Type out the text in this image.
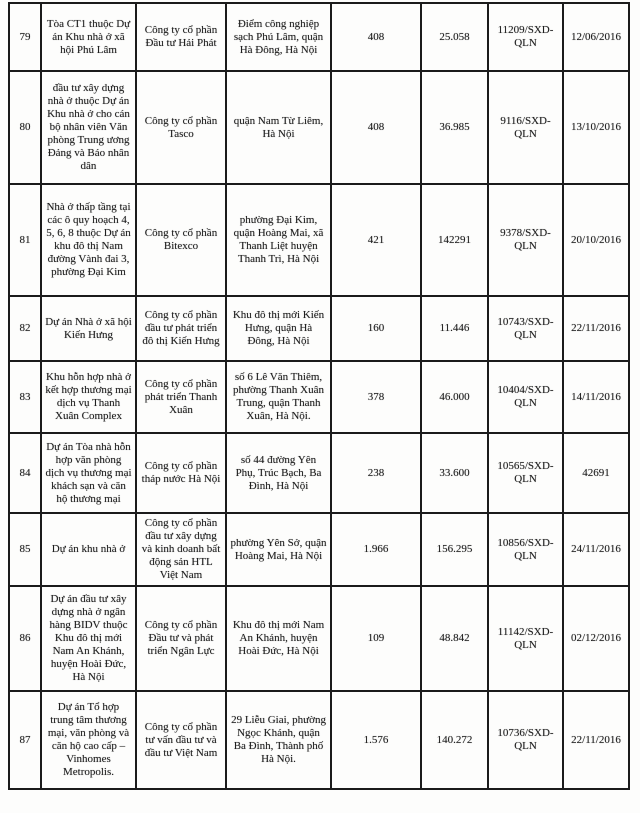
79	Tòa CT1 thuộc Dự án Khu nhà ở xã hội Phú Lâm	Công ty cổ phần Đầu tư Hải Phát	Điểm công nghiệp sạch Phú Lâm, quận Hà Đông, Hà Nội	408	25.058	11209/SXD-QLN	12/06/2016
80	đầu tư xây dựng nhà ở thuộc Dự án Khu nhà ở cho cán bộ nhân viên Văn phòng Trung ương Đảng và Báo nhân dân	Công ty cổ phần Tasco	quận Nam Từ Liêm, Hà Nội	408	36.985	9116/SXD-QLN	13/10/2016
81	Nhà ở thấp tầng tại các ô quy hoạch 4, 5, 6, 8 thuộc Dự án khu đô thị Nam đường Vành đai 3, phường Đại Kim	Công ty cổ phần Bitexco	phường Đại Kim, quận Hoàng Mai, xã Thanh Liệt huyện Thanh Trì, Hà Nội	421	142291	9378/SXD-QLN	20/10/2016
82	Dự án Nhà ở xã hội Kiến Hưng	Công ty cổ phần đầu tư phát triển đô thị Kiến Hưng	Khu đô thị mới Kiến Hưng, quận Hà Đông, Hà Nội	160	11.446	10743/SXD-QLN	22/11/2016
83	Khu hỗn hợp nhà ở kết hợp thương mại dịch vụ Thanh Xuân Complex	Công ty cổ phần phát triển Thanh Xuân	số 6 Lê Văn Thiêm, phường Thanh Xuân Trung, quận Thanh Xuân, Hà Nội.	378	46.000	10404/SXD-QLN	14/11/2016
84	Dự án Tòa nhà hỗn hợp văn phòng dịch vụ thương mại khách sạn và căn hộ thương mại	Công ty cổ phần tháp nước Hà Nội	số 44 đường Yên Phụ, Trúc Bạch, Ba Đình, Hà Nội	238	33.600	10565/SXD-QLN	42691
85	Dự án khu nhà ở	Công ty cổ phần đầu tư xây dựng và kinh doanh bất động sản HTL Việt Nam	phường Yên Sở, quận Hoàng Mai, Hà Nội	1.966	156.295	10856/SXD-QLN	24/11/2016
86	Dự án đầu tư xây dựng nhà ở ngân hàng BIDV thuộc Khu đô thị mới Nam An Khánh, huyện Hoài Đức, Hà Nội	Công ty cổ phần Đầu tư và phát triển Ngân Lực	Khu đô thị mới Nam An Khánh, huyện Hoài Đức, Hà Nội	109	48.842	11142/SXD-QLN	02/12/2016
87	Dự án Tổ hợp trung tâm thương mại, văn phòng và căn hộ cao cấp – Vinhomes Metropolis.	Công ty cổ phần tư vấn đầu tư và đầu tư Việt Nam	29 Liễu Giai, phường Ngọc Khánh, quận Ba Đình, Thành phố Hà Nội.	1.576	140.272	10736/SXD-QLN	22/11/2016
